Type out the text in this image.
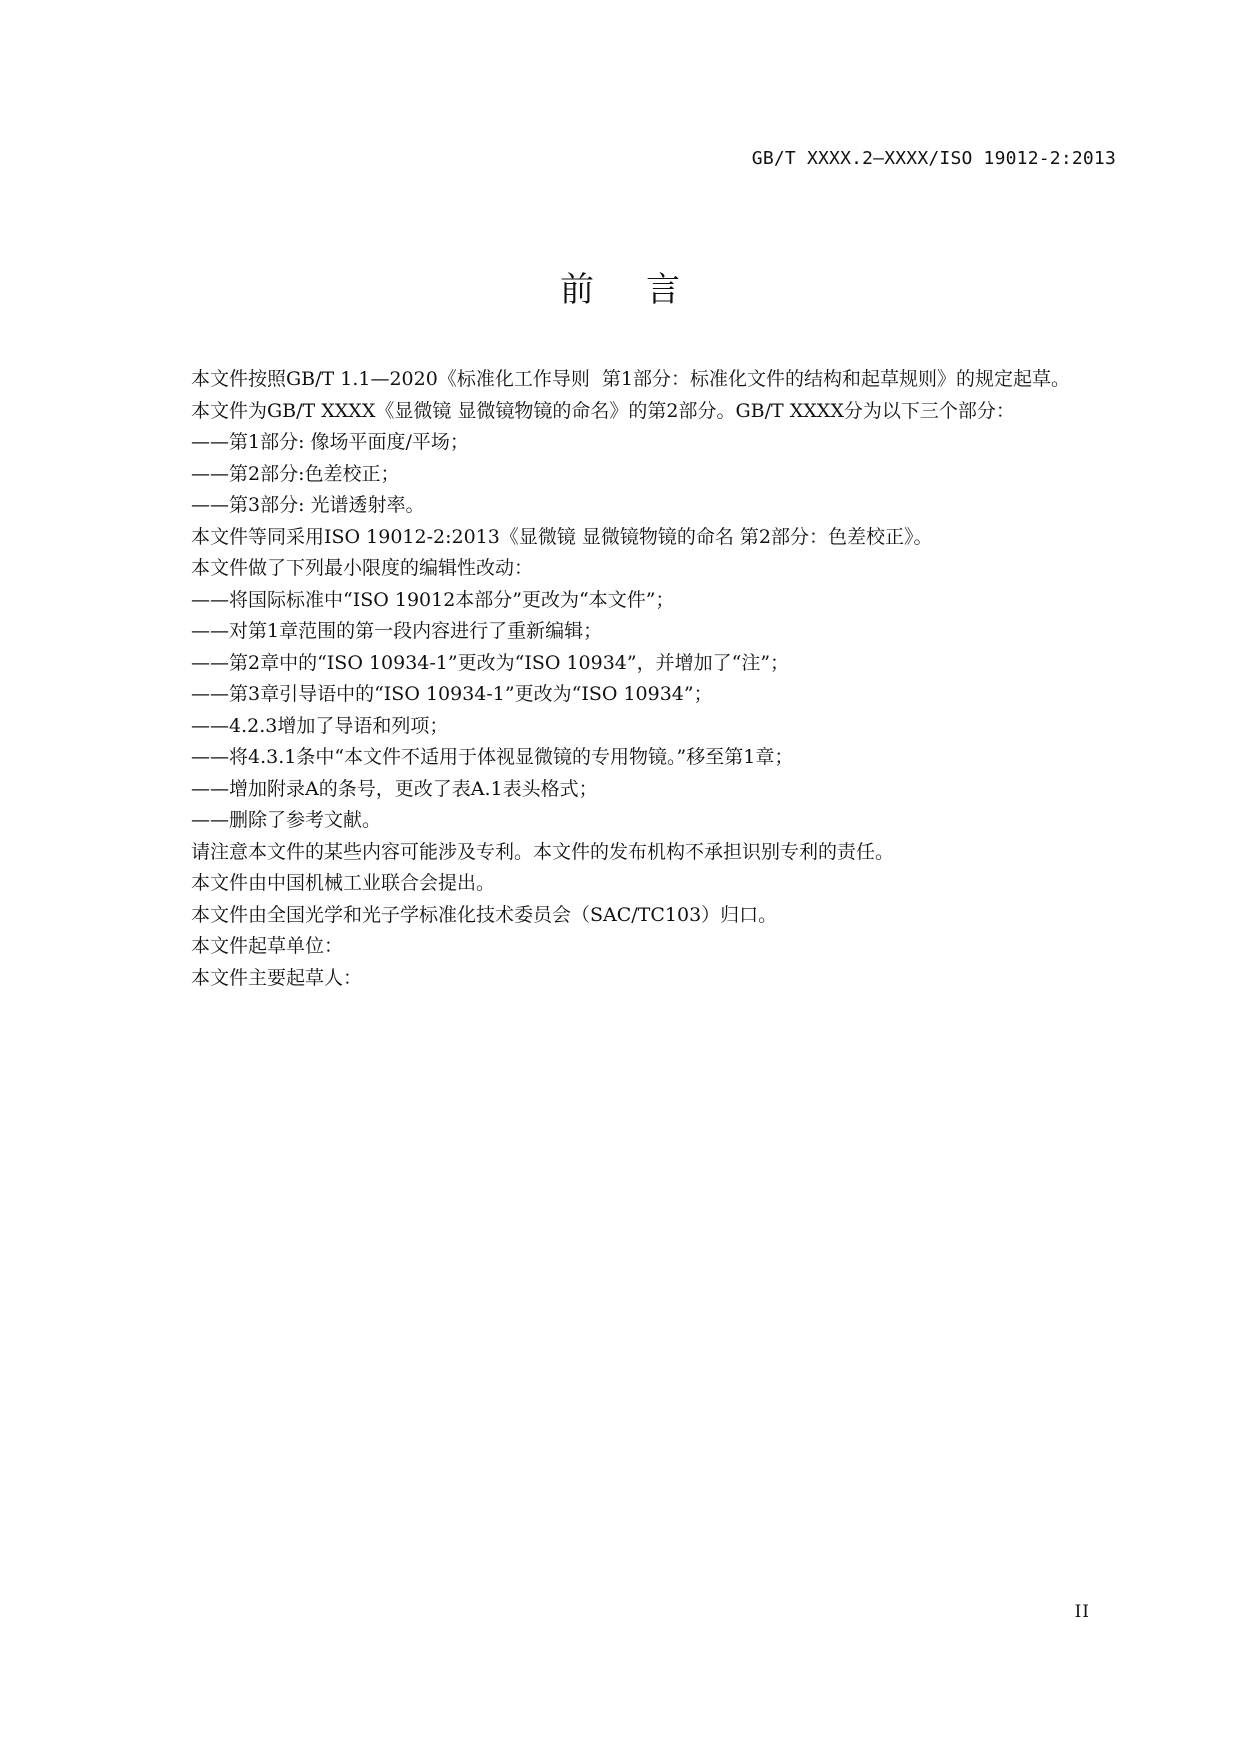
GB/T XXXX.2—XXXX/ISO 19012-2:2013
前言

本文件按照GB/T 1.1—2020《标准化工作导则  第1部分：标准化文件的结构和起草规则》的规定起草。

本文件为GB/T XXXX《显微镜 显微镜物镜的命名》的第2部分。GB/T XXXX分为以下三个部分：

——第1部分: 像场平面度/平场；

——第2部分:色差校正；

——第3部分: 光谱透射率。

本文件等同采用ISO 19012-2:2013《显微镜 显微镜物镜的命名 第2部分：色差校正》。

本文件做了下列最小限度的编辑性改动：

——将国际标准中“ISO 19012本部分”更改为“本文件”；

——对第1章范围的第一段内容进行了重新编辑；

——第2章中的“ISO 10934-1”更改为“ISO 10934”，并增加了“注”；

——第3章引导语中的“ISO 10934-1”更改为“ISO 10934”；

——4.2.3增加了导语和列项；

——将4.3.1条中“本文件不适用于体视显微镜的专用物镜。”移至第1章；

——增加附录A的条号，更改了表A.1表头格式；

——删除了参考文献。

请注意本文件的某些内容可能涉及专利。本文件的发布机构不承担识别专利的责任。

本文件由中国机械工业联合会提出。

本文件由全国光学和光子学标准化技术委员会（SAC/TC103）归口。

本文件起草单位：

本文件主要起草人：

II
